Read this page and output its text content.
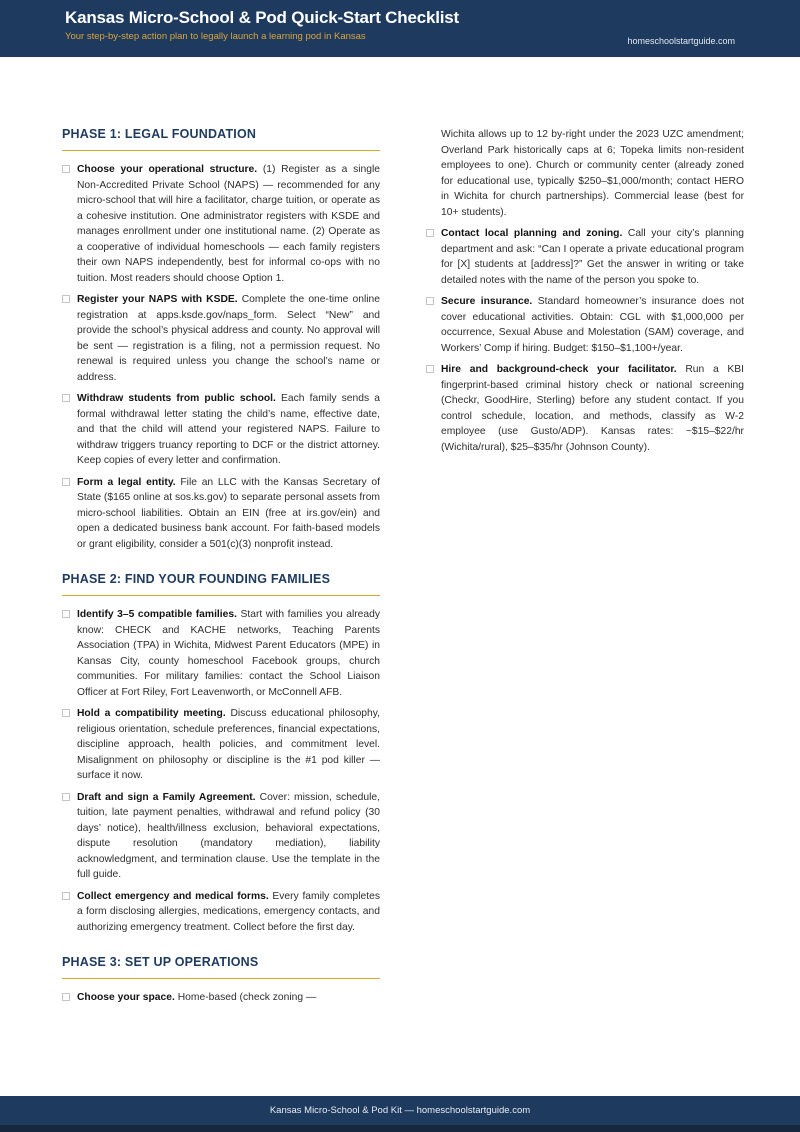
Kansas Micro-School & Pod Quick-Start Checklist
Your step-by-step action plan to legally launch a learning pod in Kansas	homeschoolstartguide.com
PHASE 1: LEGAL FOUNDATION
Choose your operational structure. (1) Register as a single Non-Accredited Private School (NAPS) — recommended for any micro-school that will hire a facilitator, charge tuition, or operate as a cohesive institution. One administrator registers with KSDE and manages enrollment under one institutional name. (2) Operate as a cooperative of individual homeschools — each family registers their own NAPS independently, best for informal co-ops with no tuition. Most readers should choose Option 1.
Register your NAPS with KSDE. Complete the one-time online registration at apps.ksde.gov/naps_form. Select “New” and provide the school’s physical address and county. No approval will be sent — registration is a filing, not a permission request. No renewal is required unless you change the school’s name or address.
Withdraw students from public school. Each family sends a formal withdrawal letter stating the child’s name, effective date, and that the child will attend your registered NAPS. Failure to withdraw triggers truancy reporting to DCF or the district attorney. Keep copies of every letter and confirmation.
Form a legal entity. File an LLC with the Kansas Secretary of State ($165 online at sos.ks.gov) to separate personal assets from micro-school liabilities. Obtain an EIN (free at irs.gov/ein) and open a dedicated business bank account. For faith-based models or grant eligibility, consider a 501(c)(3) nonprofit instead.
PHASE 2: FIND YOUR FOUNDING FAMILIES
Identify 3–5 compatible families. Start with families you already know: CHECK and KACHE networks, Teaching Parents Association (TPA) in Wichita, Midwest Parent Educators (MPE) in Kansas City, county homeschool Facebook groups, church communities. For military families: contact the School Liaison Officer at Fort Riley, Fort Leavenworth, or McConnell AFB.
Hold a compatibility meeting. Discuss educational philosophy, religious orientation, schedule preferences, financial expectations, discipline approach, health policies, and commitment level. Misalignment on philosophy or discipline is the #1 pod killer — surface it now.
Draft and sign a Family Agreement. Cover: mission, schedule, tuition, late payment penalties, withdrawal and refund policy (30 days’ notice), health/illness exclusion, behavioral expectations, dispute resolution (mandatory mediation), liability acknowledgment, and termination clause. Use the template in the full guide.
Collect emergency and medical forms. Every family completes a form disclosing allergies, medications, emergency contacts, and authorizing emergency treatment. Collect before the first day.
PHASE 3: SET UP OPERATIONS
Choose your space. Home-based (check zoning —
Wichita allows up to 12 by-right under the 2023 UZC amendment; Overland Park historically caps at 6; Topeka limits non-resident employees to one). Church or community center (already zoned for educational use, typically $250–$1,000/month; contact HERO in Wichita for church partnerships). Commercial lease (best for 10+ students).
Contact local planning and zoning. Call your city’s planning department and ask: “Can I operate a private educational program for [X] students at [address]?” Get the answer in writing or take detailed notes with the name of the person you spoke to.
Secure insurance. Standard homeowner’s insurance does not cover educational activities. Obtain: CGL with $1,000,000 per occurrence, Sexual Abuse and Molestation (SAM) coverage, and Workers’ Comp if hiring. Budget: $150–$1,100+/year.
Hire and background-check your facilitator. Run a KBI fingerprint-based criminal history check or national screening (Checkr, GoodHire, Sterling) before any student contact. If you control schedule, location, and methods, classify as W-2 employee (use Gusto/ADP). Kansas rates: ~$15–$22/hr (Wichita/rural), $25–$35/hr (Johnson County).
Kansas Micro-School & Pod Kit — homeschoolstartguide.com
